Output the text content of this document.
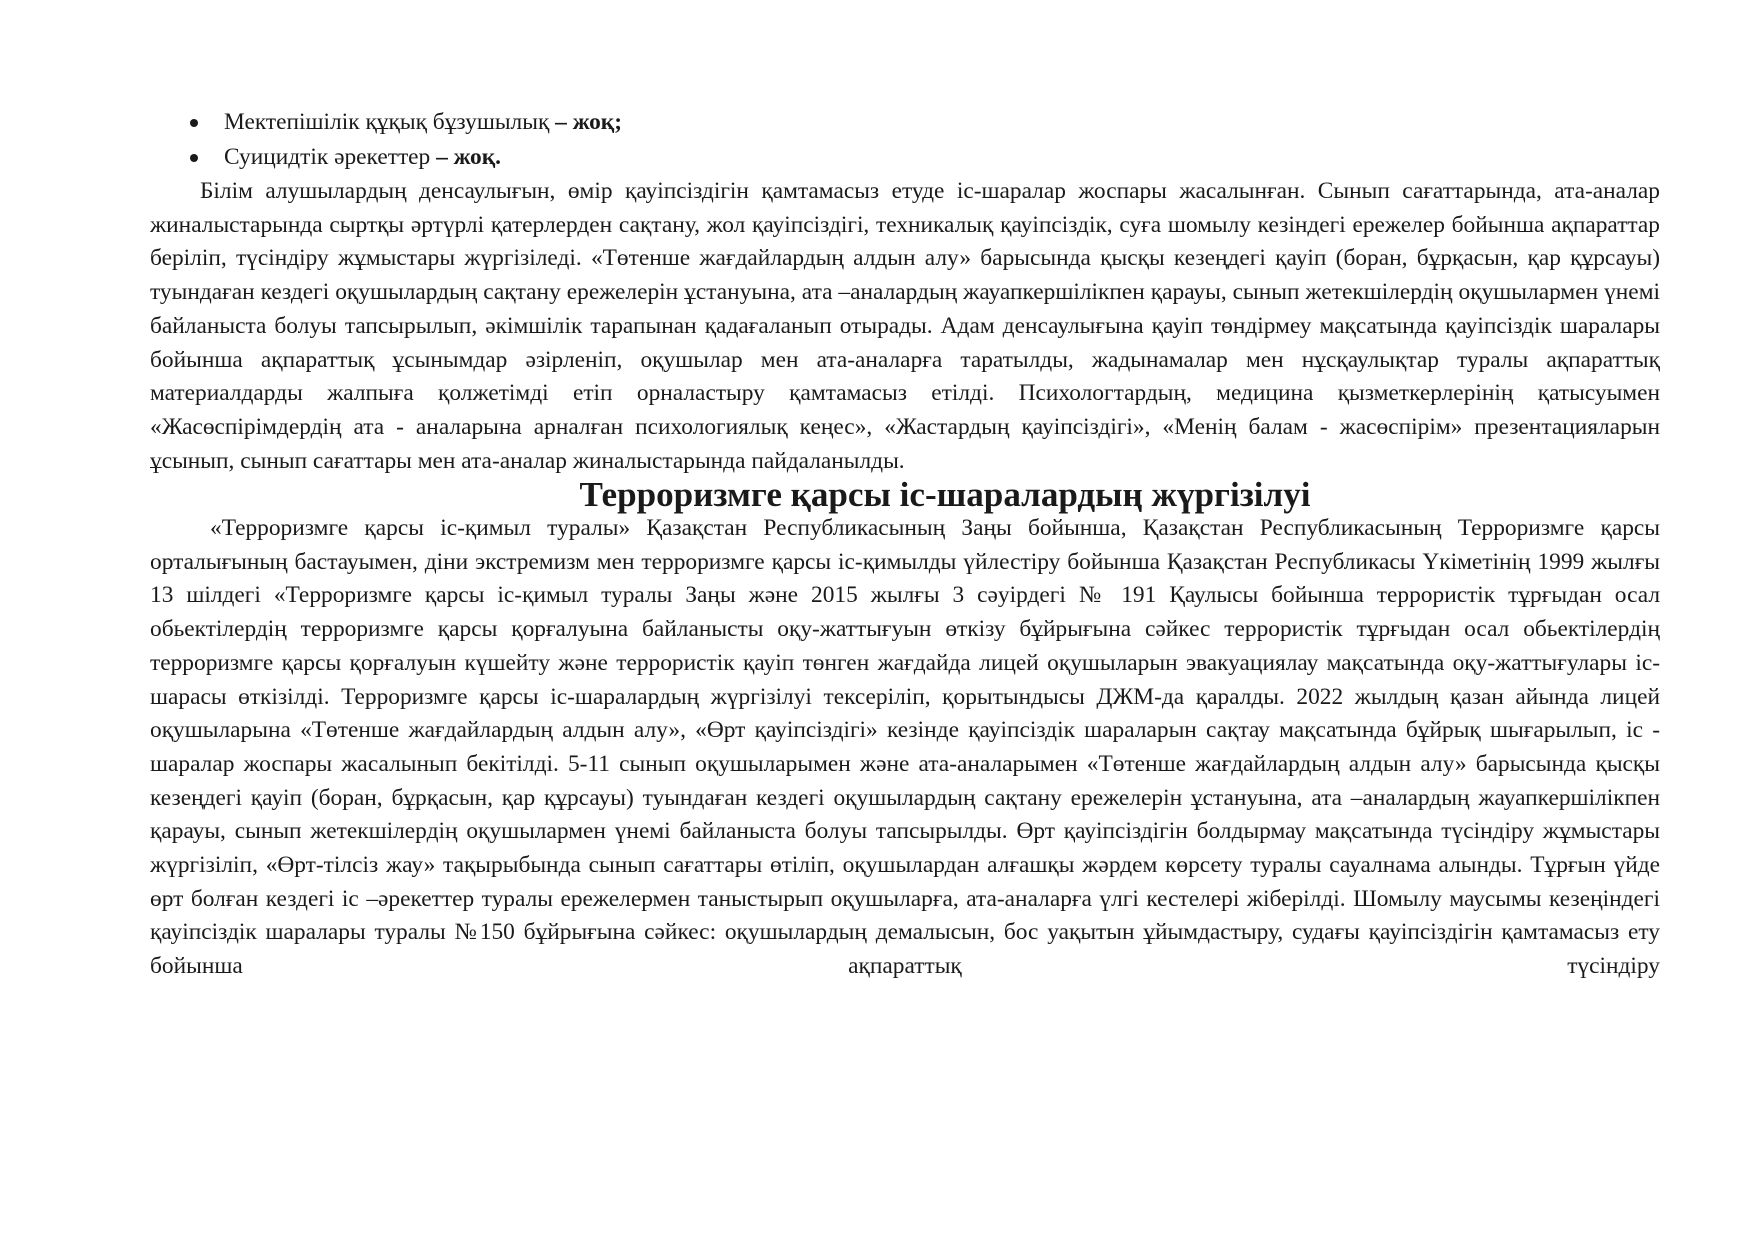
Мектепішілік құқық бұзушылық – жоқ;
Суицидтік әрекеттер – жоқ.

Білім алушылардың денсаулығын, өмір қауіпсіздігін қамтамасыз етуде іс-шаралар жоспары жасалынған. Сынып сағаттарында, ата-аналар жиналыстарында сыртқы әртүрлі қатерлерден сақтану, жол қауіпсіздігі, техникалық қауіпсіздік, суға шомылу кезіндегі ережелер бойынша ақпараттар беріліп, түсіндіру жұмыстары жүргізіледі. «Төтенше жағдайлардың алдын алу» барысында қысқы кезеңдегі қауіп (боран, бұрқасын, қар құрсауы) туындаған кездегі оқушылардың сақтану ережелерін ұстануына, ата –аналардың жауапкершілікпен қарауы, сынып жетекшілердің оқушылармен үнемі байланыста болуы тапсырылып, әкімшілік тарапынан қадағаланып отырады. Адам денсаулығына қауіп төндірмеу мақсатында қауіпсіздік шаралары бойынша ақпараттық ұсынымдар әзірленіп, оқушылар мен ата-аналарға таратылды, жадынамалар мен нұсқаулықтар туралы ақпараттық материалдарды жалпыға қолжетімді етіп орналастыру қамтамасыз етілді. Психологтардың, медицина қызметкерлерінің қатысуымен «Жасөспірімдердің ата - аналарына арналған психологиялық кеңес», «Жастардың қауіпсіздігі», «Менің балам - жасөспірім» презентацияларын ұсынып, сынып сағаттары мен ата-аналар жиналыстарында пайдаланылды.

Терроризмге қарсы іс-шаралардың жүргізілуі

«Терроризмге қарсы іс-қимыл туралы» Қазақстан Республикасының Заңы бойынша, Қазақстан Республикасының Терроризмге қарсы орталығының бастауымен, діни экстремизм мен терроризмге қарсы іс-қимылды үйлестіру бойынша Қазақстан Республикасы Үкіметінің 1999 жылғы 13 шілдегі «Терроризмге қарсы іс-қимыл туралы Заңы және 2015 жылғы 3 сәуірдегі № 191 Қаулысы бойынша террористік тұрғыдан осал обьектілердің терроризмге қарсы қорғалуына байланысты оқу-жаттығуын өткізу бұйрығына сәйкес террористік тұрғыдан осал обьектілердің терроризмге қарсы қорғалуын күшейту және террористік қауіп төнген жағдайда лицей оқушыларын эвакуациялау мақсатында оқу-жаттығулары іс-шарасы өткізілді. Терроризмге қарсы іс-шаралардың жүргізілуі тексеріліп, қорытындысы ДЖМ-да қаралды. 2022 жылдың қазан айында лицей оқушыларына «Төтенше жағдайлардың алдын алу», «Өрт қауіпсіздігі» кезінде қауіпсіздік шараларын сақтау мақсатында бұйрық шығарылып, іс - шаралар жоспары жасалынып бекітілді. 5-11 сынып оқушыларымен және ата-аналарымен «Төтенше жағдайлардың алдын алу» барысында қысқы кезеңдегі қауіп (боран, бұрқасын, қар құрсауы) туындаған кездегі оқушылардың сақтану ережелерін ұстануына, ата –аналардың жауапкершілікпен қарауы, сынып жетекшілердің оқушылармен үнемі байланыста болуы тапсырылды. Өрт қауіпсіздігін болдырмау мақсатында түсіндіру жұмыстары жүргізіліп, «Өрт-тілсіз жау» тақырыбында сынып сағаттары өтіліп, оқушылардан алғашқы жәрдем көрсету туралы сауалнама алынды. Тұрғын үйде өрт болған кездегі іс –әрекеттер туралы ережелермен таныстырып оқушыларға, ата-аналарға үлгі кестелері жіберілді. Шомылу маусымы кезеңіндегі қауіпсіздік шаралары туралы №150 бұйрығына сәйкес: оқушылардың демалысын, бос уақытын ұйымдастыру, судағы қауіпсіздігін қамтамасыз ету бойынша ақпараттық түсіндіру
